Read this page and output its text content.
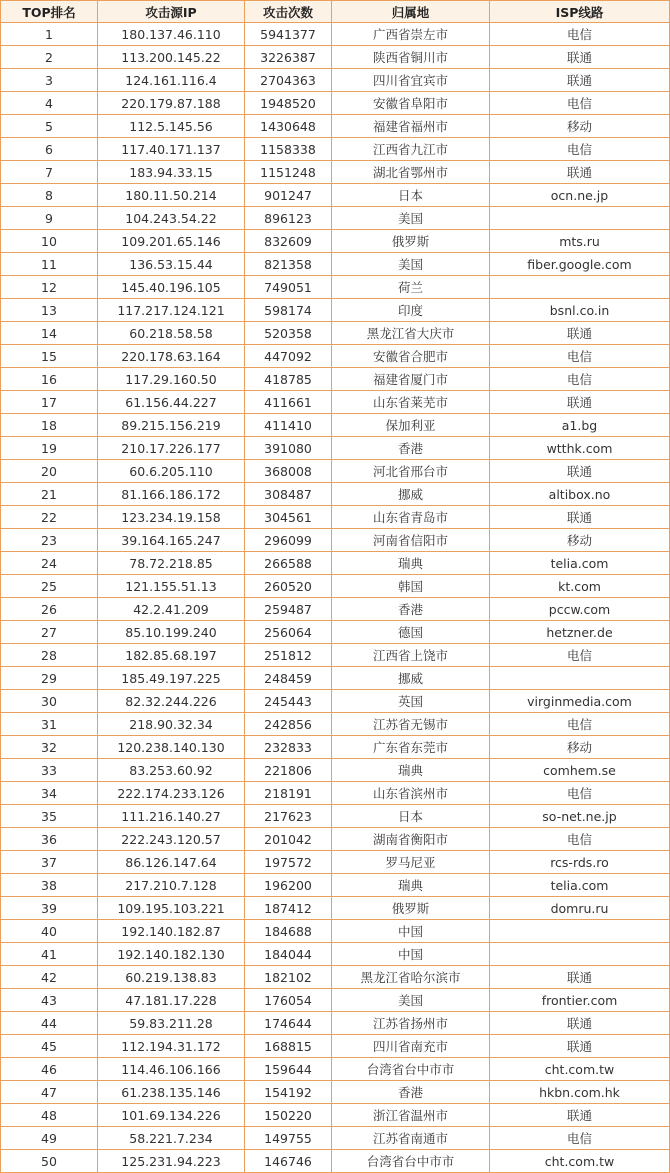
TOP排名	攻击源IP	攻击次数	归属地	ISP线路
1	180.137.46.110	5941377	广西省崇左市	电信
2	113.200.145.22	3226387	陕西省铜川市	联通
3	124.161.116.4	2704363	四川省宜宾市	联通
4	220.179.87.188	1948520	安徽省阜阳市	电信
5	112.5.145.56	1430648	福建省福州市	移动
6	117.40.171.137	1158338	江西省九江市	电信
7	183.94.33.15	1151248	湖北省鄂州市	联通
8	180.11.50.214	901247	日本	ocn.ne.jp
9	104.243.54.22	896123	美国	
10	109.201.65.146	832609	俄罗斯	mts.ru
11	136.53.15.44	821358	美国	fiber.google.com
12	145.40.196.105	749051	荷兰	
13	117.217.124.121	598174	印度	bsnl.co.in
14	60.218.58.58	520358	黑龙江省大庆市	联通
15	220.178.63.164	447092	安徽省合肥市	电信
16	117.29.160.50	418785	福建省厦门市	电信
17	61.156.44.227	411661	山东省莱芜市	联通
18	89.215.156.219	411410	保加利亚	a1.bg
19	210.17.226.177	391080	香港	wtthk.com
20	60.6.205.110	368008	河北省邢台市	联通
21	81.166.186.172	308487	挪威	altibox.no
22	123.234.19.158	304561	山东省青岛市	联通
23	39.164.165.247	296099	河南省信阳市	移动
24	78.72.218.85	266588	瑞典	telia.com
25	121.155.51.13	260520	韩国	kt.com
26	42.2.41.209	259487	香港	pccw.com
27	85.10.199.240	256064	德国	hetzner.de
28	182.85.68.197	251812	江西省上饶市	电信
29	185.49.197.225	248459	挪威	
30	82.32.244.226	245443	英国	virginmedia.com
31	218.90.32.34	242856	江苏省无锡市	电信
32	120.238.140.130	232833	广东省东莞市	移动
33	83.253.60.92	221806	瑞典	comhem.se
34	222.174.233.126	218191	山东省滨州市	电信
35	111.216.140.27	217623	日本	so-net.ne.jp
36	222.243.120.57	201042	湖南省衡阳市	电信
37	86.126.147.64	197572	罗马尼亚	rcs-rds.ro
38	217.210.7.128	196200	瑞典	telia.com
39	109.195.103.221	187412	俄罗斯	domru.ru
40	192.140.182.87	184688	中国	
41	192.140.182.130	184044	中国	
42	60.219.138.83	182102	黑龙江省哈尔滨市	联通
43	47.181.17.228	176054	美国	frontier.com
44	59.83.211.28	174644	江苏省扬州市	联通
45	112.194.31.172	168815	四川省南充市	联通
46	114.46.106.166	159644	台湾省台中市市	cht.com.tw
47	61.238.135.146	154192	香港	hkbn.com.hk
48	101.69.134.226	150220	浙江省温州市	联通
49	58.221.7.234	149755	江苏省南通市	电信
50	125.231.94.223	146746	台湾省台中市市	cht.com.tw
